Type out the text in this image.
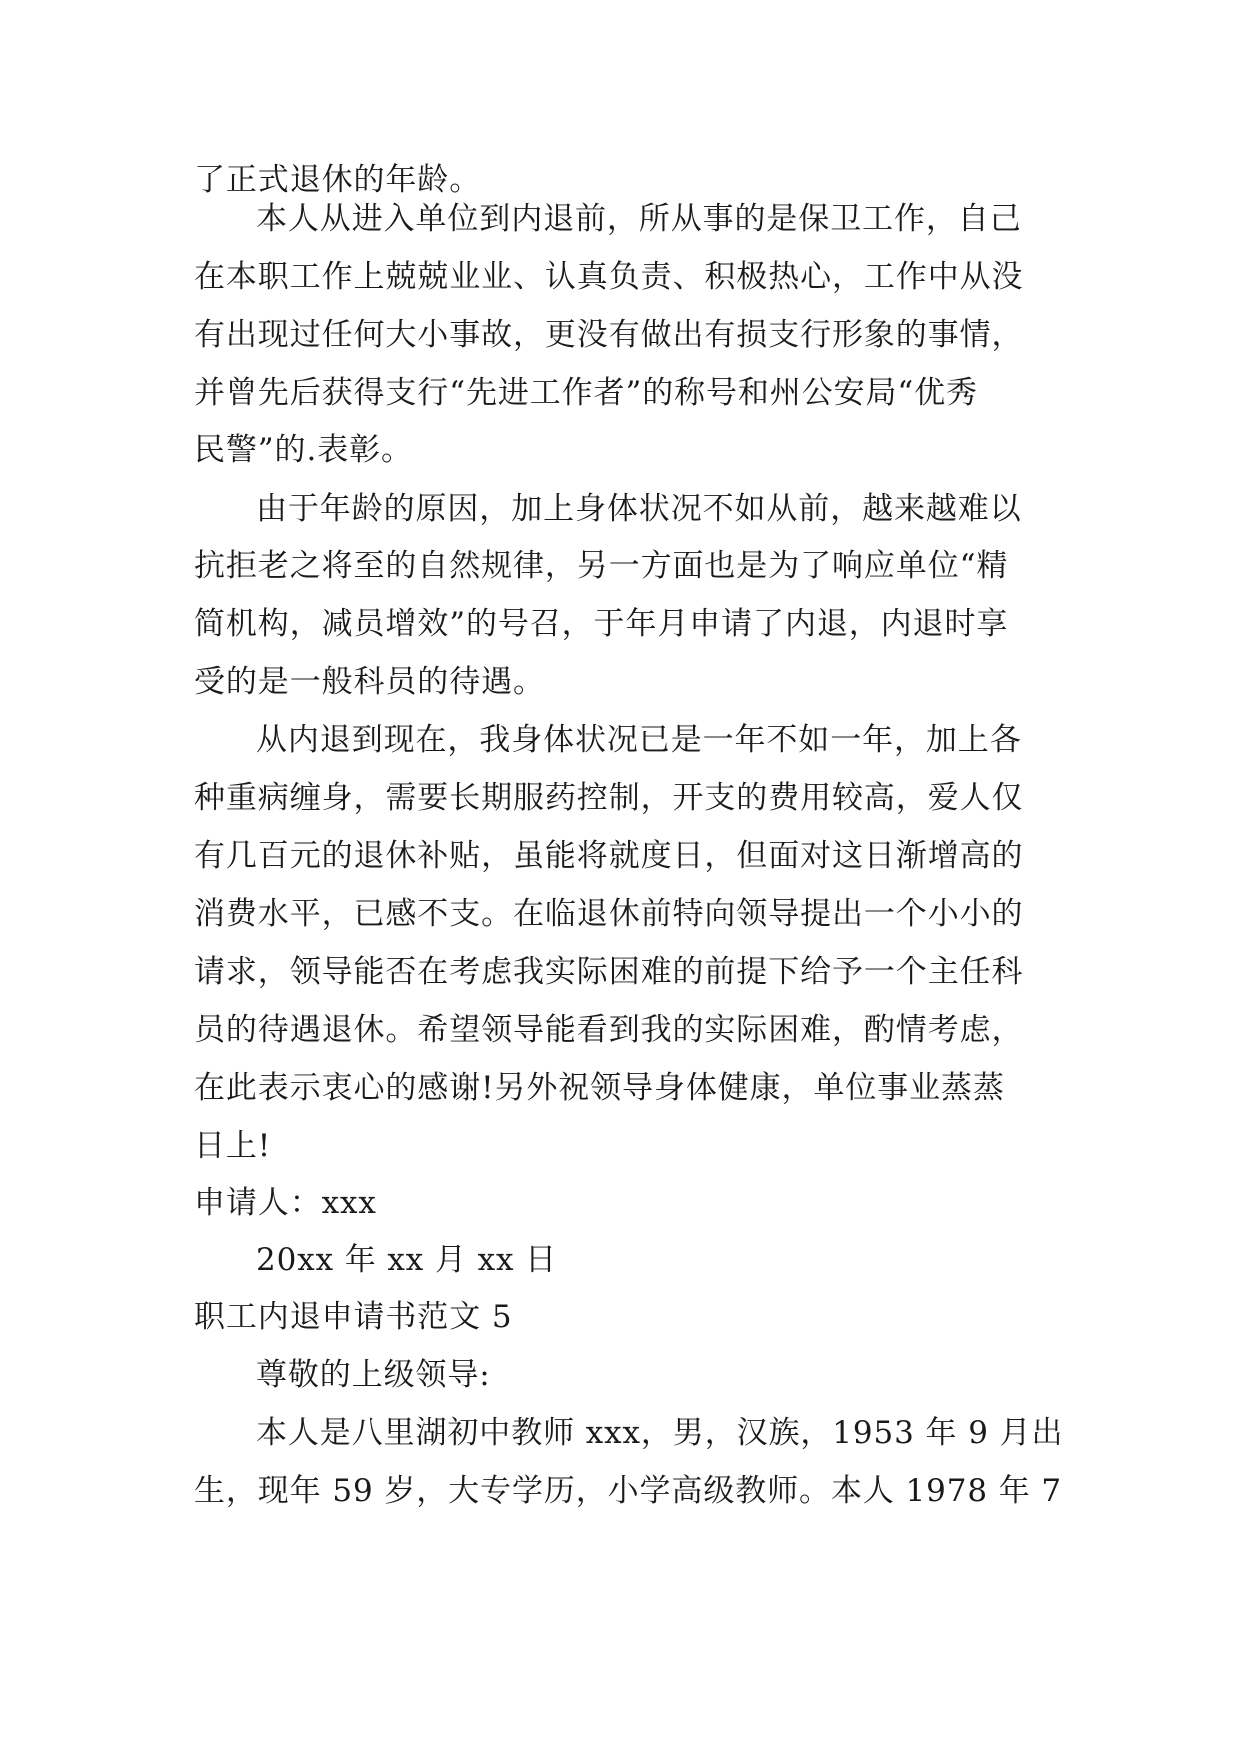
了正式退休的年龄。
本人从进入单位到内退前，所从事的是保卫工作，自己
在本职工作上兢兢业业、认真负责、积极热心，工作中从没
有出现过任何大小事故，更没有做出有损支行形象的事情，
并曾先后获得支行“先进工作者”的称号和州公安局“优秀
民警”的.表彰。
由于年龄的原因，加上身体状况不如从前，越来越难以
抗拒老之将至的自然规律，另一方面也是为了响应单位“精
简机构，减员增效”的号召，于年月申请了内退，内退时享
受的是一般科员的待遇。
从内退到现在，我身体状况已是一年不如一年，加上各
种重病缠身，需要长期服药控制，开支的费用较高，爱人仅
有几百元的退休补贴，虽能将就度日，但面对这日渐增高的
消费水平，已感不支。在临退休前特向领导提出一个小小的
请求，领导能否在考虑我实际困难的前提下给予一个主任科
员的待遇退休。希望领导能看到我的实际困难，酌情考虑，
在此表示衷心的感谢!另外祝领导身体健康，单位事业蒸蒸
日上!
申请人：xxx
20xx 年 xx 月 xx 日
职工内退申请书范文 5
尊敬的上级领导:
本人是八里湖初中教师 xxx，男，汉族，1953 年 9 月出
生，现年 59 岁，大专学历，小学高级教师。本人 1978 年 7
